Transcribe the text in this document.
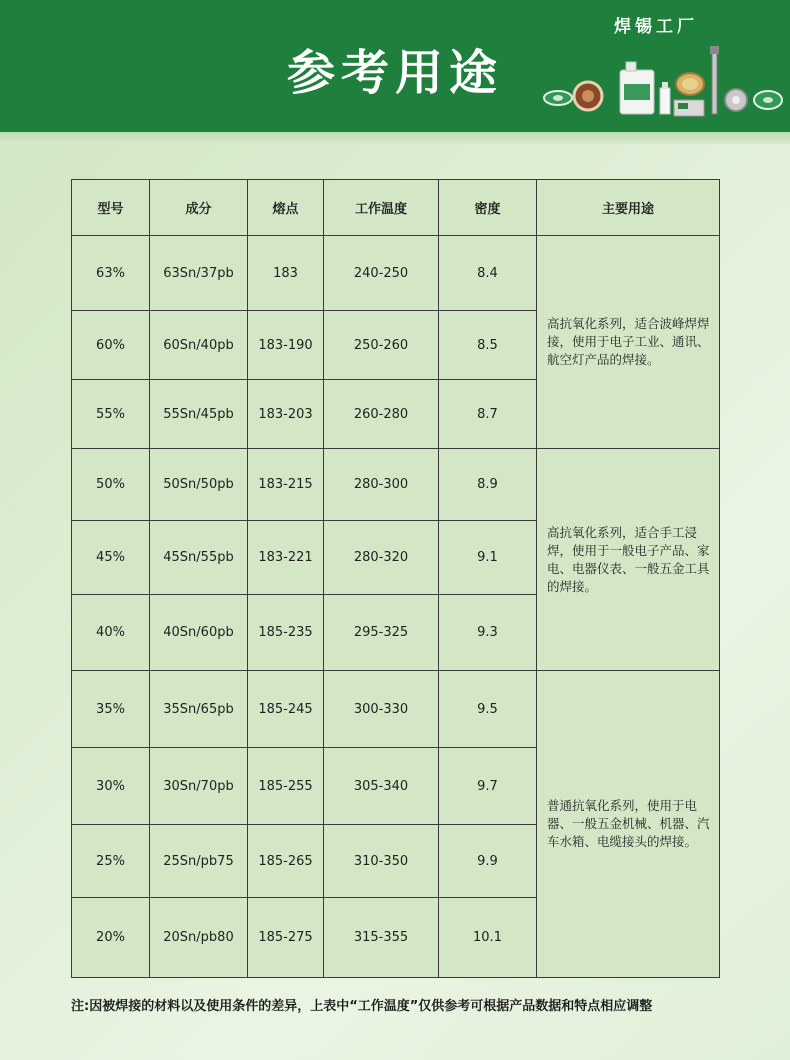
参考用途
焊锡工厂
型号	成分	熔点	工作温度	密度	主要用途
63%	63Sn/37pb	183	240-250	8.4	高抗氧化系列，适合波峰焊焊接，使用于电子工业、通讯、航空灯产品的焊接。
60%	60Sn/40pb	183-190	250-260	8.5	
55%	55Sn/45pb	183-203	260-280	8.7	
50%	50Sn/50pb	183-215	280-300	8.9	高抗氧化系列，适合手工浸焊，使用于一般电子产品、家电、电器仪表、一般五金工具的焊接。
45%	45Sn/55pb	183-221	280-320	9.1	
40%	40Sn/60pb	185-235	295-325	9.3	
35%	35Sn/65pb	185-245	300-330	9.5	普通抗氧化系列，使用于电器、一般五金机械、机器、汽车水箱、电缆接头的焊接。
30%	30Sn/70pb	185-255	305-340	9.7	
25%	25Sn/pb75	185-265	310-350	9.9	
20%	20Sn/pb80	185-275	315-355	10.1	
注:因被焊接的材料以及使用条件的差异，上表中“工作温度”仅供参考可根据产品数据和特点相应调整
